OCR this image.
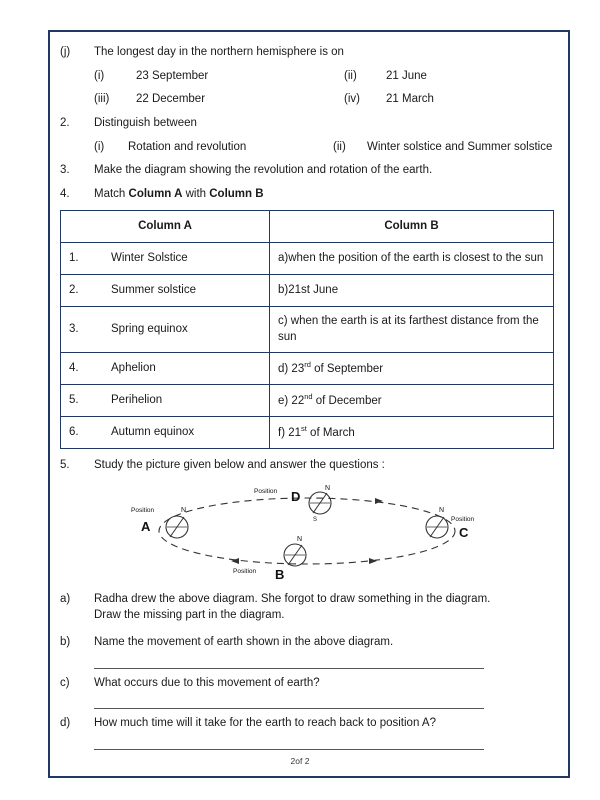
(j)	The longest day in the northern hemisphere is on
(i)	23 September	(ii)	21 June
(iii)	22 December	(iv)	21 March
2.	Distinguish between
(i)	Rotation and revolution	(ii)	Winter solstice and Summer solstice
3.	Make the diagram showing the revolution and rotation of the earth.
4.	Match Column A with Column B
Column A		Column B
1.	Winter Solstice	a)when the position of the earth is closest to the sun
2.	Summer solstice	b)21st June
3.	Spring equinox	c) when the earth is at its farthest distance from the sun
4.	Aphelion	d) 23rd of September
5.	Perihelion	e) 22nd of December
6.	Autumn equinox	f) 21st of March
5.	Study the picture given below and answer the questions :
N
Position
A
N
Position
C
N
S
Position D
N
Position B
a)	Radha drew the above diagram. She forgot to draw something in the diagram. Draw the missing part in the diagram.
b)	Name the movement of earth shown in the above diagram.
c)	What occurs due to this movement of earth?
d)	How much time will it take for the earth to reach back to position A?
2of 2
